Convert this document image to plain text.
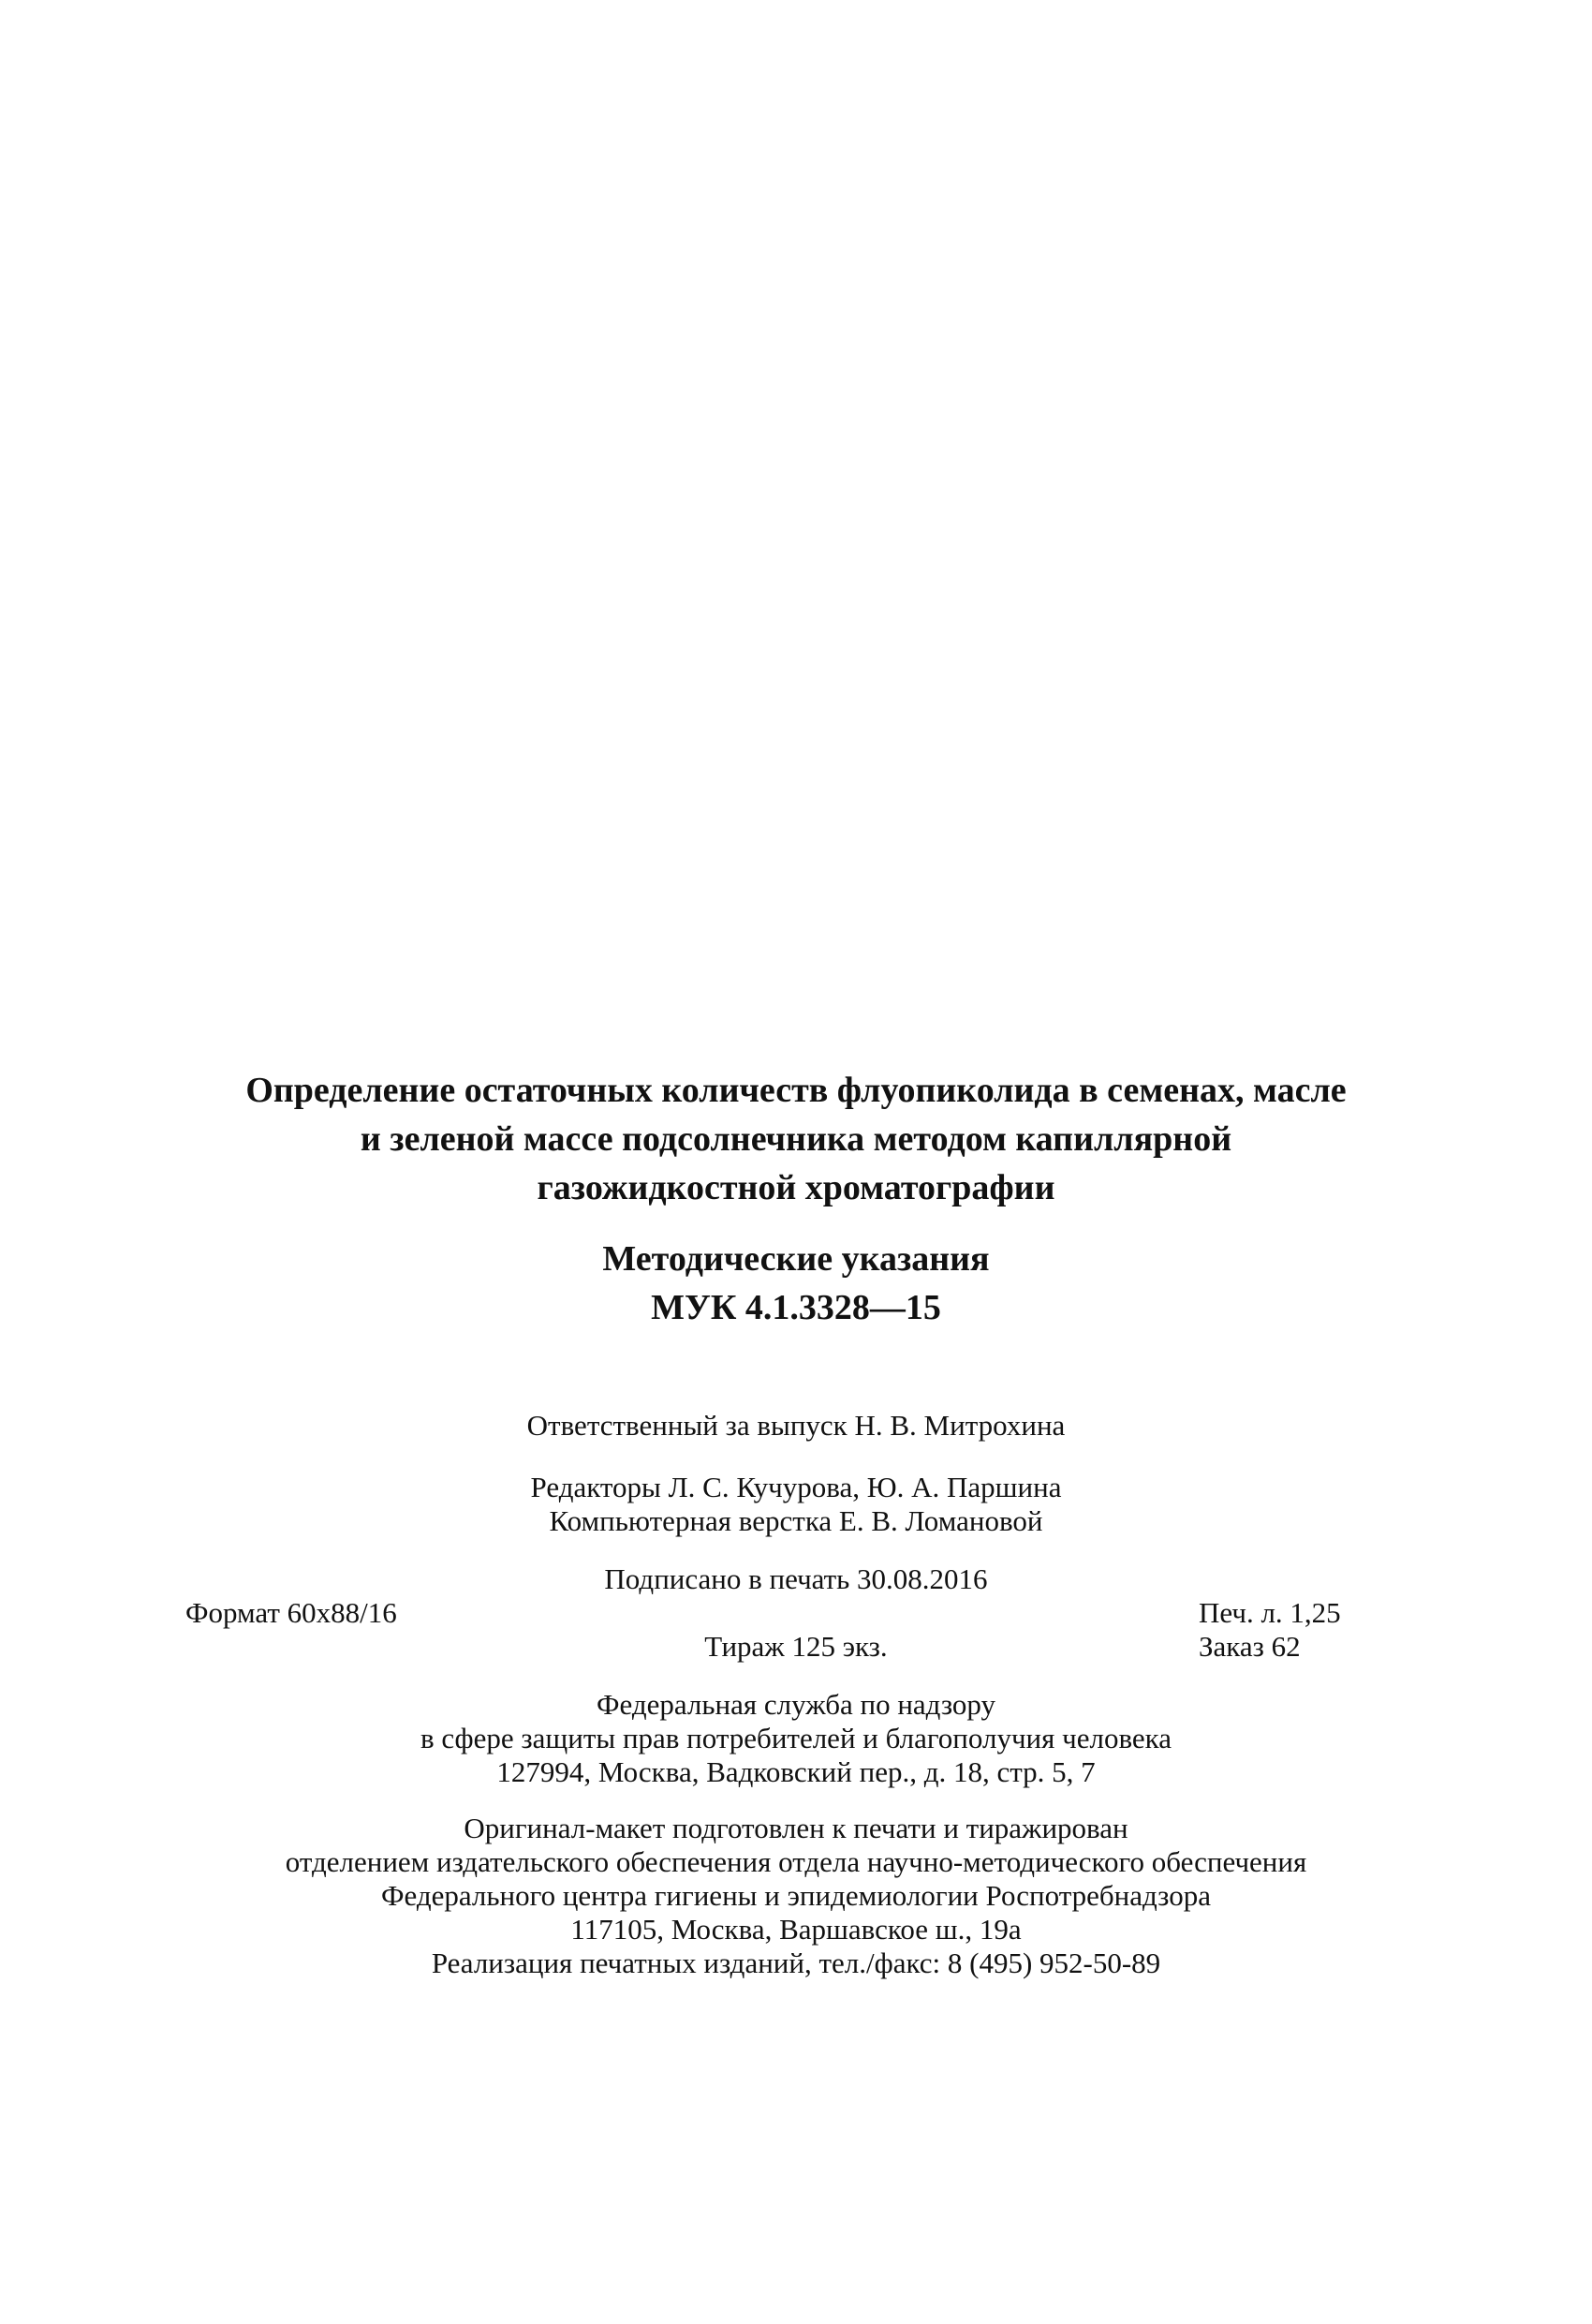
Определение остаточных количеств флуопиколида в семенах, масле
и зеленой массе подсолнечника методом капиллярной
газожидкостной хроматографии
Методические указания
МУК 4.1.3328—15
Ответственный за выпуск Н. В. Митрохина
Редакторы Л. С. Кучурова, Ю. А. Паршина
Компьютерная верстка Е. В. Ломановой
Подписано в печать 30.08.2016
Формат 60x88/16	Печ. л. 1,25
Тираж 125 экз.	Заказ 62
Федеральная служба по надзору
в сфере защиты прав потребителей и благополучия человека
127994, Москва, Вадковский пер., д. 18, стр. 5, 7
Оригинал-макет подготовлен к печати и тиражирован
отделением издательского обеспечения отдела научно-методического обеспечения
Федерального центра гигиены и эпидемиологии Роспотребнадзора
117105, Москва, Варшавское ш., 19а
Реализация печатных изданий, тел./факс: 8 (495) 952-50-89
